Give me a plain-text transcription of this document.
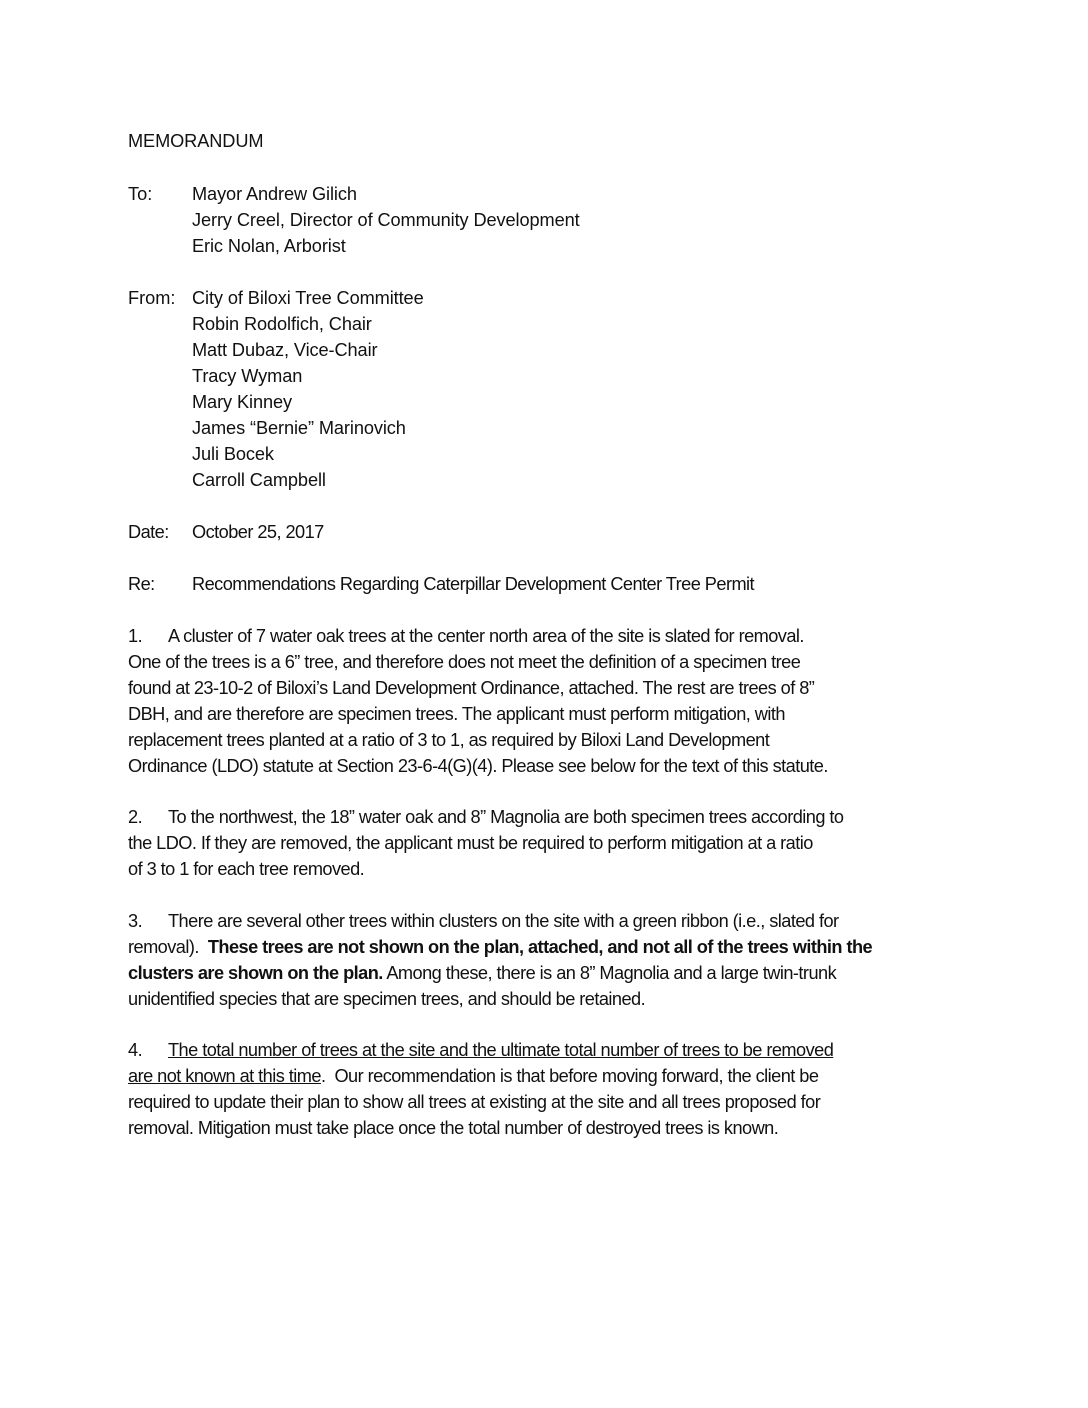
MEMORANDUM
To: Mayor Andrew Gilich
Jerry Creel, Director of Community Development
Eric Nolan, Arborist
From: City of Biloxi Tree Committee
Robin Rodolfich, Chair
Matt Dubaz, Vice-Chair
Tracy Wyman
Mary Kinney
James “Bernie” Marinovich
Juli Bocek
Carroll Campbell
Date: October 25, 2017
Re: Recommendations Regarding Caterpillar Development Center Tree Permit
1. A cluster of 7 water oak trees at the center north area of the site is slated for removal.
One of the trees is a 6” tree, and therefore does not meet the definition of a specimen tree
found at 23-10-2 of Biloxi’s Land Development Ordinance, attached. The rest are trees of 8”
DBH, and are therefore are specimen trees. The applicant must perform mitigation, with
replacement trees planted at a ratio of 3 to 1, as required by Biloxi Land Development
Ordinance (LDO) statute at Section 23-6-4(G)(4). Please see below for the text of this statute.
2. To the northwest, the 18” water oak and 8” Magnolia are both specimen trees according to
the LDO. If they are removed, the applicant must be required to perform mitigation at a ratio
of 3 to 1 for each tree removed.
3. There are several other trees within clusters on the site with a green ribbon (i.e., slated for
removal).  These trees are not shown on the plan, attached, and not all of the trees within the
clusters are shown on the plan. Among these, there is an 8” Magnolia and a large twin-trunk
unidentified species that are specimen trees, and should be retained.
4. The total number of trees at the site and the ultimate total number of trees to be removed
are not known at this time.  Our recommendation is that before moving forward, the client be
required to update their plan to show all trees at existing at the site and all trees proposed for
removal. Mitigation must take place once the total number of destroyed trees is known.
